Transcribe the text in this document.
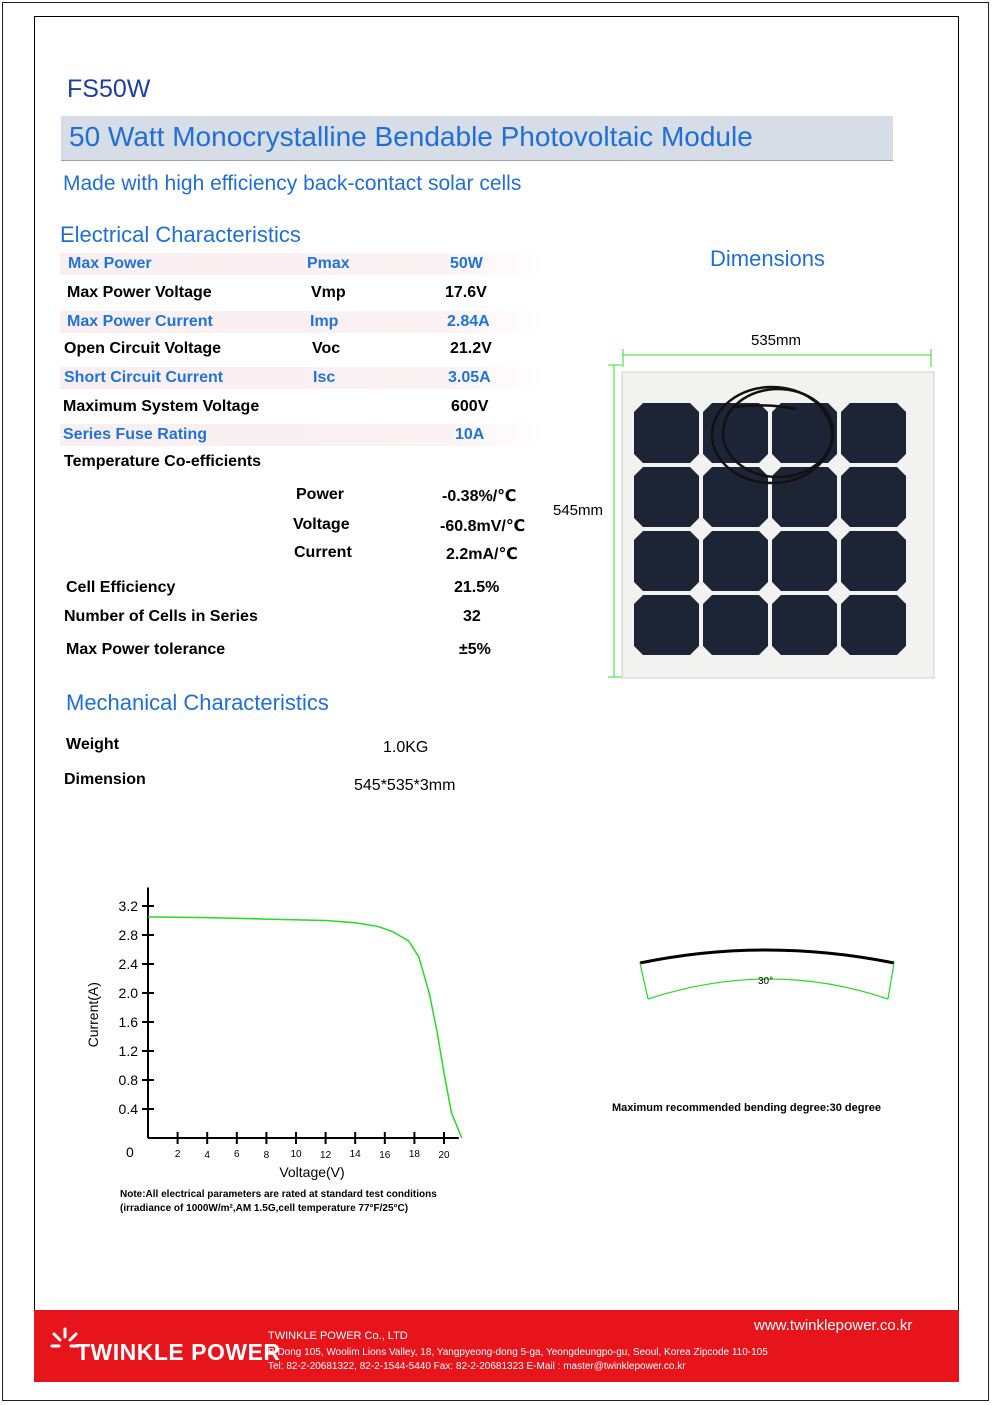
FS50W
50 Watt Monocrystalline Bendable Photovoltaic Module
Made with high efficiency back-contact solar cells
Electrical Characteristics
Max Power	Pmax	50W
Max Power Voltage	Vmp	17.6V
Max Power Current	Imp	2.84A
Open Circuit Voltage	Voc	21.2V
Short Circuit Current	Isc	3.05A
Maximum System Voltage	600V
Series Fuse Rating	10A
Temperature Co-efficients
Power	-0.38%/℃
Voltage	-60.8mV/℃
Current	2.2mA/℃
Cell Efficiency	21.5%
Number of Cells in Series	32
Max Power tolerance	±5%
Dimensions
535mm
545mm
Mechanical Characteristics
Weight	1.0KG
Dimension	545*535*3mm
2 4 6 8 10 12 14 16 18 20
0.4
0.8
1.2
1.6
2.0
2.4
2.8
3.2
0
Voltage(V)
Current(A)
Note:All electrical parameters are rated at standard test conditions
(irradiance of 1000W/m²,AM 1.5G,cell temperature 77°F/25°C)
30°
Maximum recommended bending degree:30 degree
TWINKLE POWER
www.twinklepower.co.kr
TWINKLE POWER Co., LTD
B Dong 105, Woolim Lions Valley, 18, Yangpyeong-dong 5-ga, Yeongdeungpo-gu, Seoul, Korea Zipcode 110-105
Tel: 82-2-20681322, 82-2-1544-5440 Fax: 82-2-20681323 E-Mail : master@twinklepower.co.kr
